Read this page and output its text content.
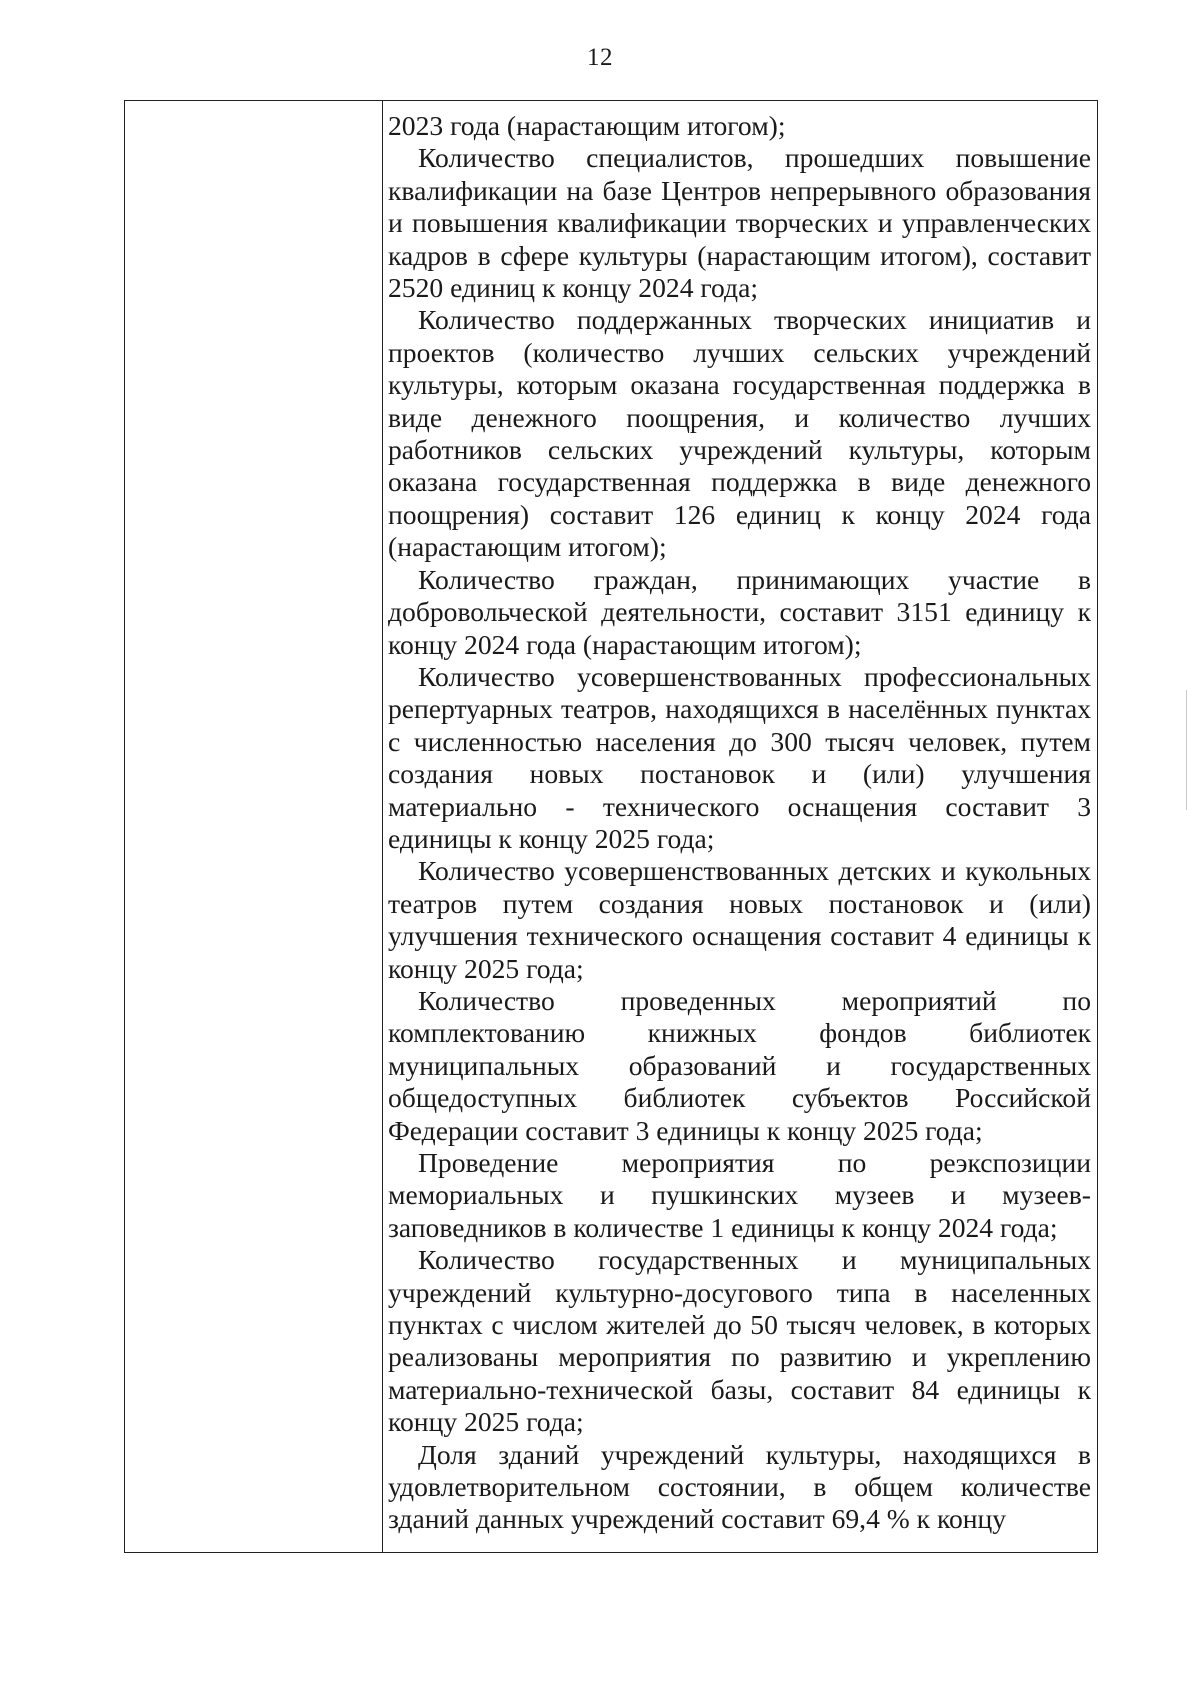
12

2023 года (нарастающим итогом);

Количество специалистов, прошедших повышение квалификации на базе Центров непрерывного образования и повышения квалификации творческих и управленческих кадров в сфере культуры (нарастающим итогом), составит 2520 единиц к концу 2024 года;

Количество поддержанных творческих инициатив и проектов (количество лучших сельских учреждений культуры, которым оказана государственная поддержка в виде денежного поощрения, и количество лучших работников сельских учреждений культуры, которым оказана государственная поддержка в виде денежного поощрения) составит 126 единиц к концу 2024 года (нарастающим итогом);

Количество граждан, принимающих участие в добровольческой деятельности, составит 3151 единицу к концу 2024 года (нарастающим итогом);

Количество усовершенствованных профессиональных репертуарных театров, находящихся в населённых пунктах с численностью населения до 300 тысяч человек, путем создания новых постановок и (или) улучшения материально - технического оснащения составит 3 единицы к концу 2025 года;

Количество усовершенствованных детских и кукольных театров путем создания новых постановок и (или) улучшения технического оснащения составит 4 единицы к концу 2025 года;

Количество проведенных мероприятий по комплектованию книжных фондов библиотек муниципальных образований и государственных общедоступных библиотек субъектов Российской Федерации составит 3 единицы к концу 2025 года;

Проведение мероприятия по реэкспозиции мемориальных и пушкинских музеев и музеев-заповедников в количестве 1 единицы к концу 2024 года;

Количество государственных и муниципальных учреждений культурно-досугового типа в населенных пунктах с числом жителей до 50 тысяч человек, в которых реализованы мероприятия по развитию и укреплению материально-технической базы, составит 84 единицы к концу 2025 года;

Доля зданий учреждений культуры, находящихся в удовлетворительном состоянии, в общем количестве зданий данных учреждений составит 69,4 % к концу
